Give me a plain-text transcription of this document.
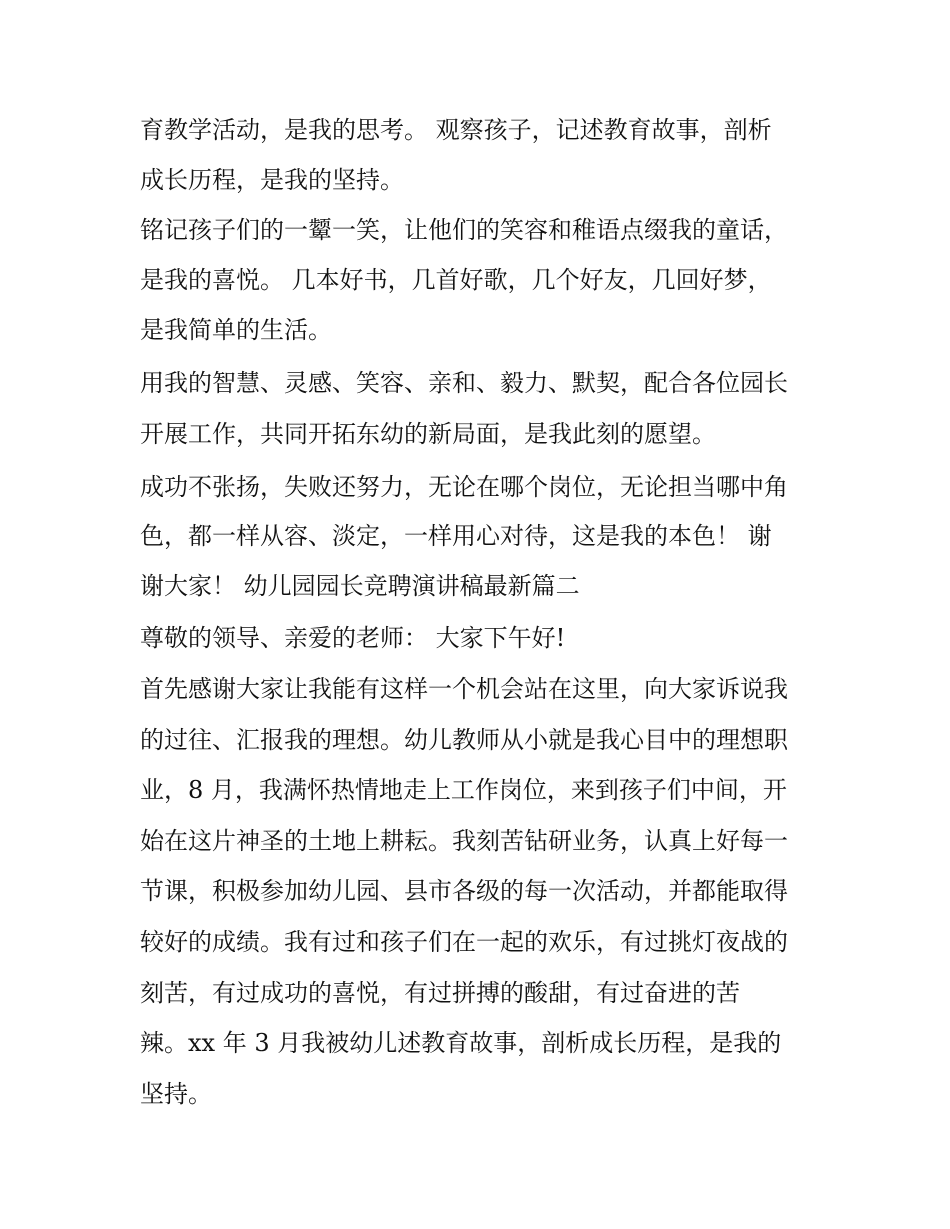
育教学活动，是我的思考。 观察孩子，记述教育故事，剖析
成长历程，是我的坚持。
铭记孩子们的一颦一笑，让他们的笑容和稚语点缀我的童话，
是我的喜悦。 几本好书，几首好歌，几个好友，几回好梦，
是我简单的生活。
用我的智慧、灵感、笑容、亲和、毅力、默契，配合各位园长
开展工作，共同开拓东幼的新局面，是我此刻的愿望。
成功不张扬，失败还努力，无论在哪个岗位，无论担当哪中角
色，都一样从容、淡定，一样用心对待，这是我的本色！ 谢
谢大家！ 幼儿园园长竞聘演讲稿最新篇二
尊敬的领导、亲爱的老师： 大家下午好!
首先感谢大家让我能有这样一个机会站在这里，向大家诉说我
的过往、汇报我的理想。幼儿教师从小就是我心目中的理想职
业，8 月，我满怀热情地走上工作岗位，来到孩子们中间，开
始在这片神圣的土地上耕耘。我刻苦钻研业务，认真上好每一
节课，积极参加幼儿园、县市各级的每一次活动，并都能取得
较好的成绩。我有过和孩子们在一起的欢乐，有过挑灯夜战的
刻苦，有过成功的喜悦，有过拼搏的酸甜，有过奋进的苦
辣。xx 年 3 月我被幼儿述教育故事，剖析成长历程，是我的
坚持。
